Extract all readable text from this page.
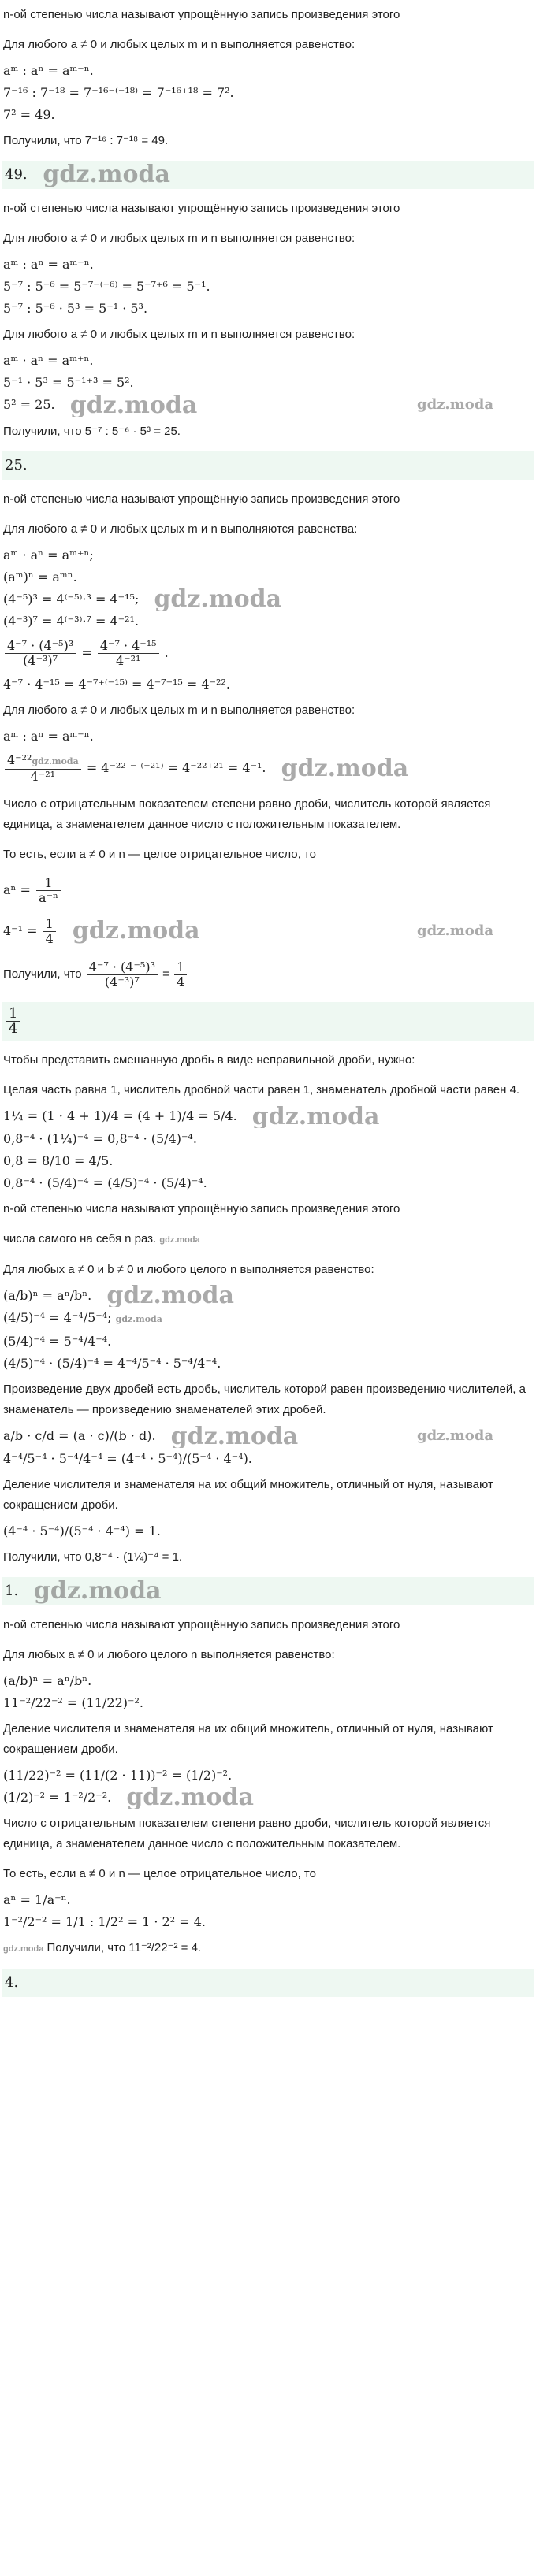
n-ой степенью числа называют упрощённую запись произведения этого
Для любого a ≠ 0 и любых целых m и n выполняется равенство:
aᵐ : aⁿ = aᵐ⁻ⁿ.
7⁻¹⁶ : 7⁻¹⁸ = 7⁻¹⁶⁻⁽⁻¹⁸⁾ = 7⁻¹⁶⁺¹⁸ = 7².
7² = 49.
Получили, что 7⁻¹⁶ : 7⁻¹⁸ = 49.
49. gdz.moda
n-ой степенью числа называют упрощённую запись произведения этого
Для любого a ≠ 0 и любых целых m и n выполняется равенство:
aᵐ : aⁿ = aᵐ⁻ⁿ.
5⁻⁷ : 5⁻⁶ = 5⁻⁷⁻⁽⁻⁶⁾ = 5⁻⁷⁺⁶ = 5⁻¹.
5⁻⁷ : 5⁻⁶ · 5³ = 5⁻¹ · 5³.
Для любого a ≠ 0 и любых целых m и n выполняется равенство:
aᵐ · aⁿ = aᵐ⁺ⁿ.
5⁻¹ · 5³ = 5⁻¹⁺³ = 5².
5² = 25. gdz.moda	gdz.moda
Получили, что 5⁻⁷ : 5⁻⁶ · 5³ = 25.
25.
n-ой степенью числа называют упрощённую запись произведения этого
Для любого a ≠ 0 и любых целых m и n выполняются равенства:
aᵐ · aⁿ = aᵐ⁺ⁿ;
(aᵐ)ⁿ = aᵐⁿ.
(4⁻⁵)³ = 4⁽⁻⁵⁾·³ = 4⁻¹⁵; gdz.moda
(4⁻³)⁷ = 4⁽⁻³⁾·⁷ = 4⁻²¹.
$\frac{\text{4⁻⁷ · (4⁻⁵)³}}{\text{(4⁻³)⁷}} = \frac{\text{4⁻⁷ · 4⁻¹⁵}}{\text{4⁻²¹}}$ .
4⁻⁷ · 4⁻¹⁵ = 4⁻⁷⁺⁽⁻¹⁵⁾ = 4⁻⁷⁻¹⁵ = 4⁻²².
Для любого a ≠ 0 и любых целых m и n выполняется равенство:
aᵐ : aⁿ = aᵐ⁻ⁿ.
$\frac{\text{4⁻²²gdz.moda}}{\text{4⁻²¹}} = 4^{-22}$ ⁻ ⁽⁻²¹⁾ = 4⁻²²⁺²¹ = 4⁻¹. gdz.moda
Число с отрицательным показателем степени равно дроби, числитель которой является единица, а знаменателем данное число с положительным показателем.
То есть, если a ≠ 0 и n — целое отрицательное число, то
$a^n = \frac{1}{\text{a⁻ⁿ}}$
$4^{-1} = \frac{1}{4}$ gdz.moda	gdz.moda
Получили, что $\frac{\text{4⁻⁷ · (4⁻⁵)³}}{\text{(4⁻³)⁷}} = \frac{1}{4}$
$\frac{1}{4}$
Чтобы представить смешанную дробь в виде неправильной дроби, нужно:
Целая часть равна 1, числитель дробной части равен 1, знаменатель дробной части равен 4.
1¼ = (1 · 4 + 1)/4 = (4 + 1)/4 = 5/4. gdz.moda
0,8⁻⁴ · (1¼)⁻⁴ = 0,8⁻⁴ · (5/4)⁻⁴.
0,8 = 8/10 = 4/5.
0,8⁻⁴ · (5/4)⁻⁴ = (4/5)⁻⁴ · (5/4)⁻⁴.
n-ой степенью числа называют упрощённую запись произведения этого
числа самого на себя n раз. gdz.moda
Для любых a ≠ 0 и b ≠ 0 и любого целого n выполняется равенство:
(a/b)ⁿ = aⁿ/bⁿ. gdz.moda
(4/5)⁻⁴ = 4⁻⁴/5⁻⁴; gdz.moda
(5/4)⁻⁴ = 5⁻⁴/4⁻⁴.
(4/5)⁻⁴ · (5/4)⁻⁴ = 4⁻⁴/5⁻⁴ · 5⁻⁴/4⁻⁴.
Произведение двух дробей есть дробь, числитель которой равен произведению числителей, а знаменатель — произведению знаменателей этих дробей.
a/b · c/d = (a · c)/(b · d). gdz.moda	gdz.moda
4⁻⁴/5⁻⁴ · 5⁻⁴/4⁻⁴ = (4⁻⁴ · 5⁻⁴)/(5⁻⁴ · 4⁻⁴).
Деление числителя и знаменателя на их общий множитель, отличный от нуля, называют сокращением дроби.
(4⁻⁴ · 5⁻⁴)/(5⁻⁴ · 4⁻⁴) = 1.
Получили, что 0,8⁻⁴ · (1¼)⁻⁴ = 1.
1. gdz.moda
n-ой степенью числа называют упрощённую запись произведения этого
Для любых a ≠ 0 и любого целого n выполняется равенство:
(a/b)ⁿ = aⁿ/bⁿ.
11⁻²/22⁻² = (11/22)⁻².
Деление числителя и знаменателя на их общий множитель, отличный от нуля, называют сокращением дроби.
(11/22)⁻² = (11/(2 · 11))⁻² = (1/2)⁻².
(1/2)⁻² = 1⁻²/2⁻². gdz.moda
Число с отрицательным показателем степени равно дроби, числитель которой является единица, а знаменателем данное число с положительным показателем.
То есть, если a ≠ 0 и n — целое отрицательное число, то
aⁿ = 1/a⁻ⁿ.
1⁻²/2⁻² = 1/1 : 1/2² = 1 · 2² = 4.
gdz.moda Получили, что 11⁻²/22⁻² = 4.
4.
